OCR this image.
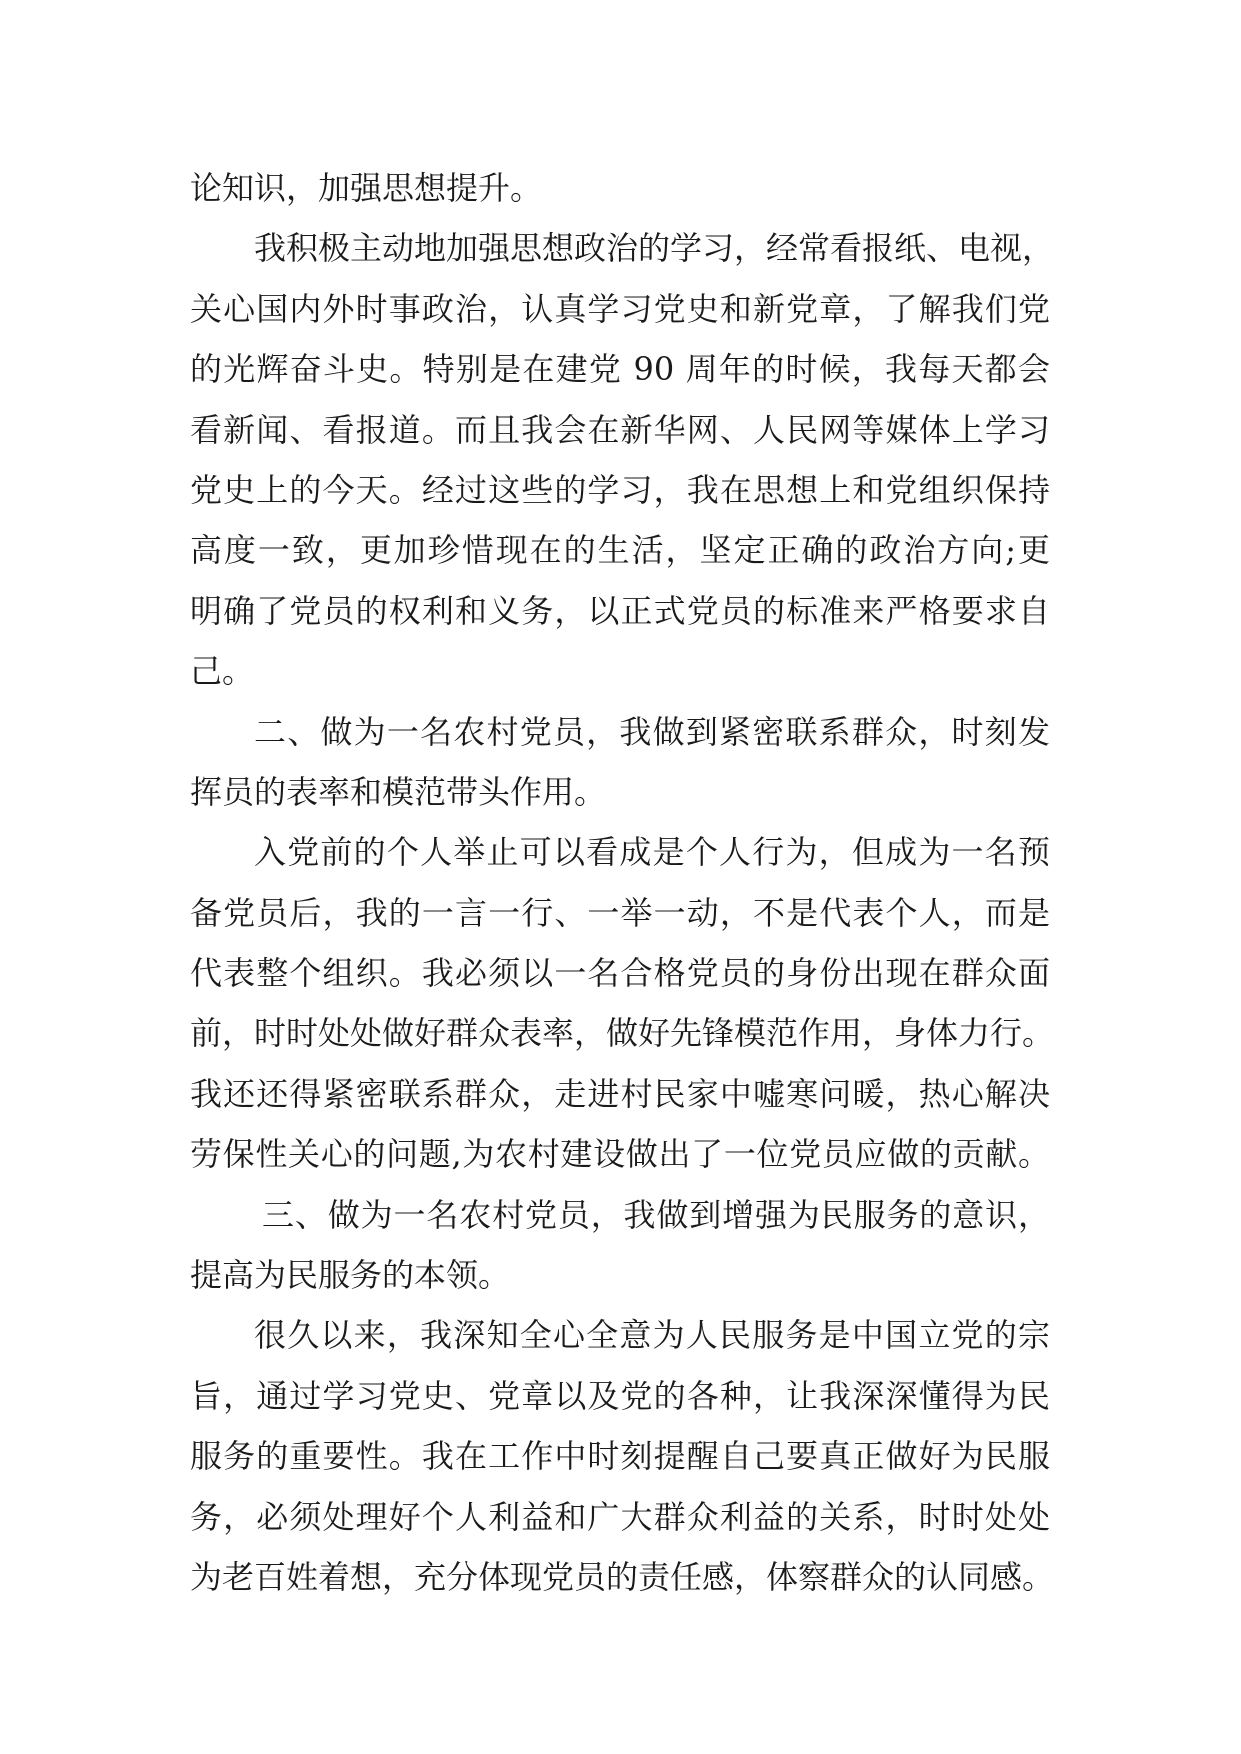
论知识，加强思想提升。
我积极主动地加强思想政治的学习，经常看报纸、电视，
关心国内外时事政治，认真学习党史和新党章，了解我们党
的光辉奋斗史。特别是在建党 90 周年的时候，我每天都会
看新闻、看报道。而且我会在新华网、人民网等媒体上学习
党史上的今天。经过这些的学习，我在思想上和党组织保持
高度一致，更加珍惜现在的生活，坚定正确的政治方向;更
明确了党员的权利和义务，以正式党员的标准来严格要求自
己。
二、做为一名农村党员，我做到紧密联系群众，时刻发
挥员的表率和模范带头作用。
入党前的个人举止可以看成是个人行为，但成为一名预
备党员后，我的一言一行、一举一动，不是代表个人，而是
代表整个组织。我必须以一名合格党员的身份出现在群众面
前，时时处处做好群众表率，做好先锋模范作用，身体力行。
我还还得紧密联系群众，走进村民家中嘘寒问暖，热心解决
劳保性关心的问题,为农村建设做出了一位党员应做的贡献。
三、做为一名农村党员，我做到增强为民服务的意识，
提高为民服务的本领。
很久以来，我深知全心全意为人民服务是中国立党的宗
旨，通过学习党史、党章以及党的各种，让我深深懂得为民
服务的重要性。我在工作中时刻提醒自己要真正做好为民服
务，必须处理好个人利益和广大群众利益的关系，时时处处
为老百姓着想，充分体现党员的责任感，体察群众的认同感。
